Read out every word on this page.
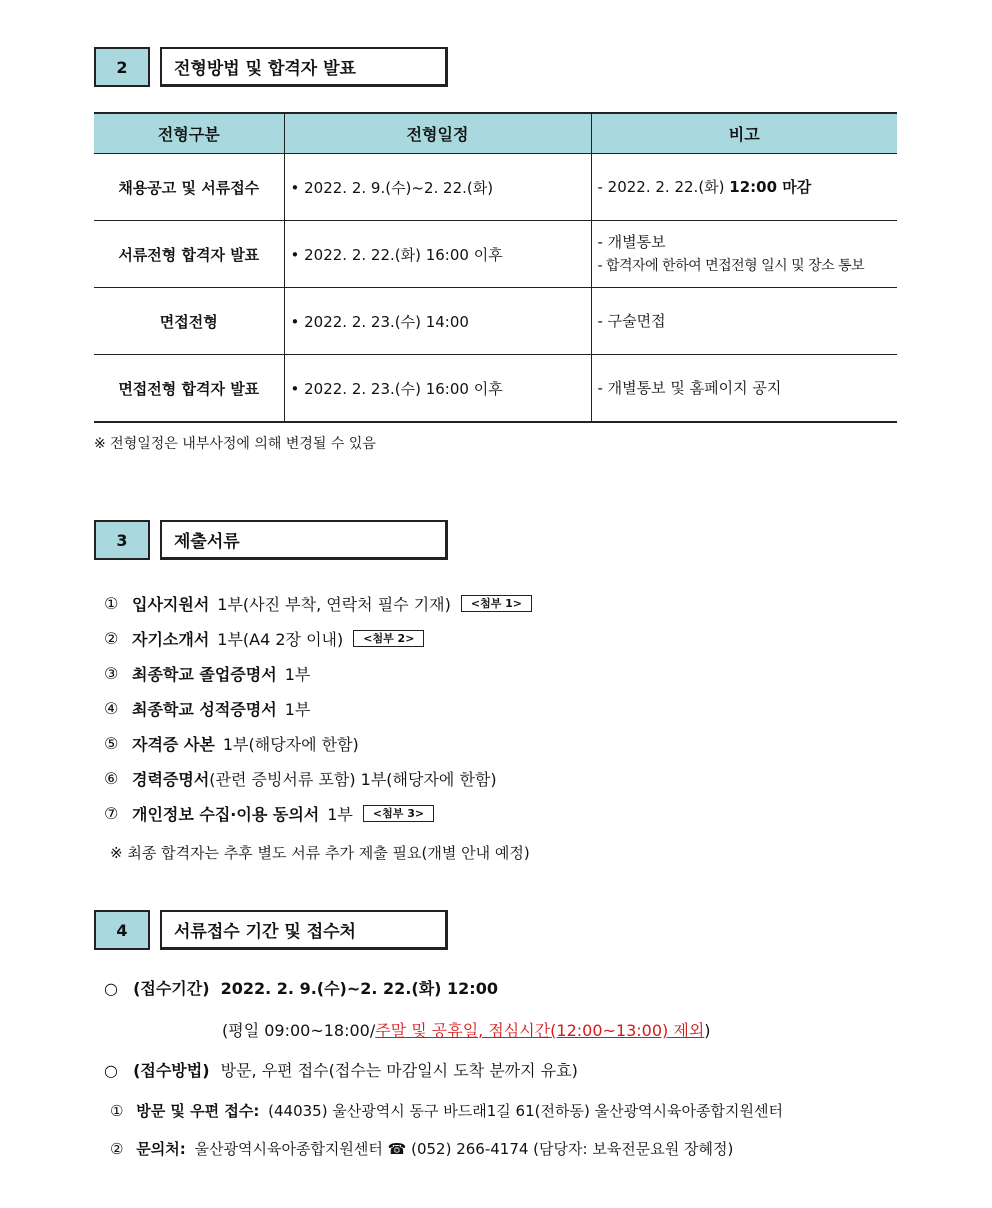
2	전형방법 및 합격자 발표
전형구분	전형일정	비고
채용공고 및 서류접수	• 2022. 2. 9.(수)~2. 22.(화)	- 2022. 2. 22.(화) 12:00 마감
서류전형 합격자 발표	• 2022. 2. 22.(화) 16:00 이후	- 개별통보
- 합격자에 한하여 면접전형 일시 및 장소 통보

면접전형	• 2022. 2. 23.(수) 14:00	- 구술면접
면접전형 합격자 발표	• 2022. 2. 23.(수) 16:00 이후	- 개별통보 및 홈페이지 공지
※ 전형일정은 내부사정에 의해 변경될 수 있음
3	제출서류
① 입사지원서 1부(사진 부착, 연락처 필수 기재)	<첨부 1>
② 자기소개서 1부(A4 2장 이내)	<첨부 2>
③ 최종학교 졸업증명서 1부
④ 최종학교 성적증명서 1부
⑤ 자격증 사본 1부(해당자에 한함)
⑥ 경력증명서 (관련 증빙서류 포함) 1부(해당자에 한함)
⑦ 개인정보 수집·이용 동의서 1부	<첨부 3>
※ 최종 합격자는 추후 별도 서류 추가 제출 필요(개별 안내 예정)
4	서류접수 기간 및 접수처
○ (접수기간) 2022. 2. 9.(수)~2. 22.(화) 12:00
(평일 09:00~18:00/주말 및 공휴일, 점심시간(12:00~13:00) 제외)
○ (접수방법) 방문, 우편 접수(접수는 마감일시 도착 분까지 유효)
① 방문 및 우편 접수: (44035) 울산광역시 동구 바드래1길 61(전하동) 울산광역시육아종합지원센터
② 문의처: 울산광역시육아종합지원센터 ☎ (052) 266-4174 (담당자: 보육전문요원 장혜정)
